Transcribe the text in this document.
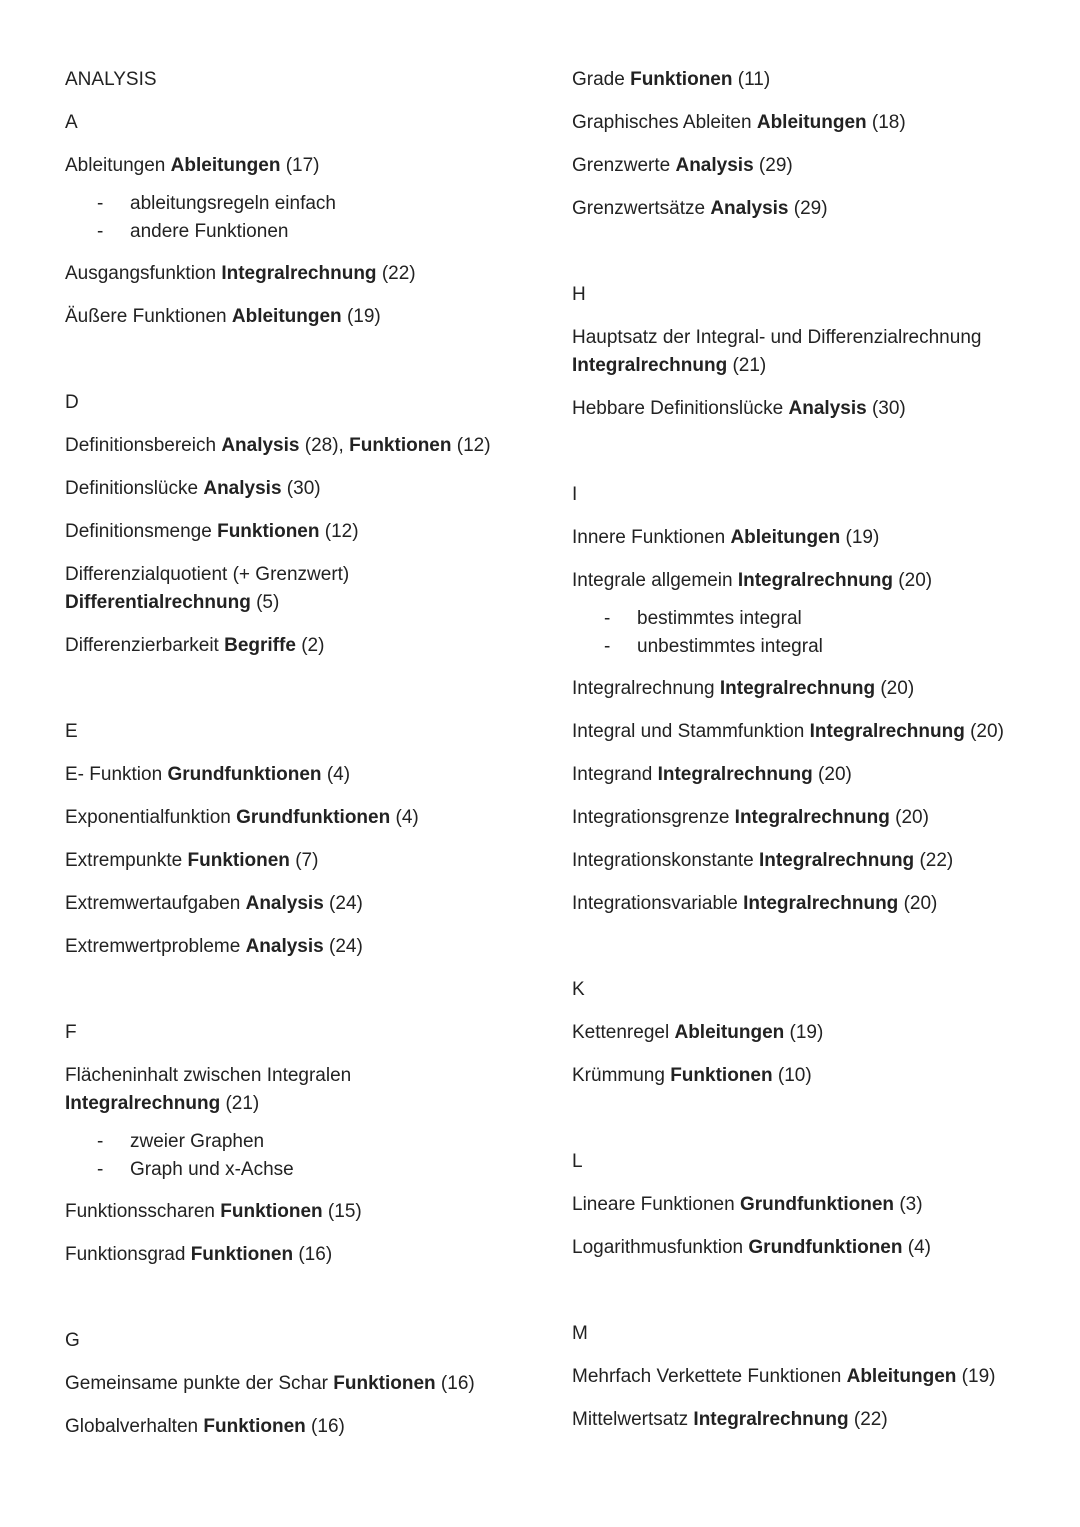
ANALYSIS
A
Ableitungen Ableitungen (17)
- ableitungsregeln einfach
- andere Funktionen
Ausgangsfunktion Integralrechnung (22)
Äußere Funktionen Ableitungen (19)
D
Definitionsbereich Analysis (28), Funktionen (12)
Definitionslücke Analysis (30)
Definitionsmenge Funktionen (12)
Differenzialquotient (+ Grenzwert)
Differentialrechnung (5)
Differenzierbarkeit Begriffe (2)
E
E- Funktion Grundfunktionen (4)
Exponentialfunktion Grundfunktionen (4)
Extrempunkte Funktionen (7)
Extremwertaufgaben Analysis (24)
Extremwertprobleme Analysis (24)
F
Flächeninhalt zwischen Integralen
Integralrechnung (21)
- zweier Graphen
- Graph und x-Achse
Funktionsscharen Funktionen (15)
Funktionsgrad Funktionen (16)
G
Gemeinsame punkte der Schar Funktionen (16)
Globalverhalten Funktionen (16)
Grade Funktionen (11)
Graphisches Ableiten Ableitungen (18)
Grenzwerte Analysis (29)
Grenzwertsätze Analysis (29)
H
Hauptsatz der Integral- und Differenzialrechnung
Integralrechnung (21)
Hebbare Definitionslücke Analysis (30)
I
Innere Funktionen Ableitungen (19)
Integrale allgemein Integralrechnung (20)
- bestimmtes integral
- unbestimmtes integral
Integralrechnung Integralrechnung (20)
Integral und Stammfunktion Integralrechnung (20)
Integrand Integralrechnung (20)
Integrationsgrenze Integralrechnung (20)
Integrationskonstante Integralrechnung (22)
Integrationsvariable Integralrechnung (20)
K
Kettenregel Ableitungen (19)
Krümmung Funktionen (10)
L
Lineare Funktionen Grundfunktionen (3)
Logarithmusfunktion Grundfunktionen (4)
M
Mehrfach Verkettete Funktionen Ableitungen (19)
Mittelwertsatz Integralrechnung (22)
